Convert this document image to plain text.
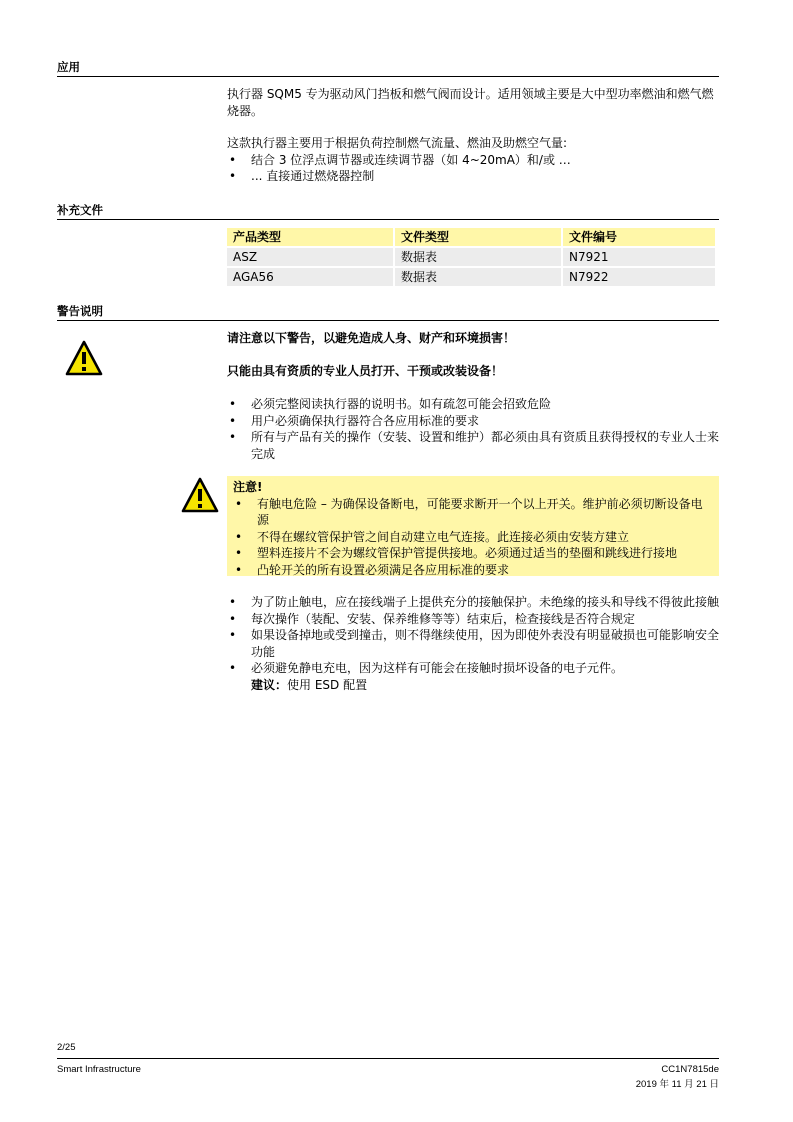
应用

执行器 SQM5 专为驱动风门挡板和燃气阀而设计。适用领域主要是大中型功率燃油和燃气燃烧器。

这款执行器主要用于根据负荷控制燃气流量、燃油及助燃空气量:

• 结合 3 位浮点调节器或连续调节器（如 4~20mA）和/或 …
• ... 直接通过燃烧器控制
补充文件
产品类型	文件类型	文件编号
ASZ	数据表	N7921
AGA56	数据表	N7922
警告说明

请注意以下警告，以避免造成人身、财产和环境损害！

只能由具有资质的专业人员打开、干预或改装设备！

• 必须完整阅读执行器的说明书。如有疏忽可能会招致危险
• 用户必须确保执行器符合各应用标准的要求
• 所有与产品有关的操作（安装、设置和维护）都必须由具有资质且获得授权的专业人士来完成

注意!

• 有触电危险 – 为确保设备断电，可能要求断开一个以上开关。维护前必须切断设备电源
• 不得在螺纹管保护管之间自动建立电气连接。此连接必须由安装方建立
• 塑料连接片不会为螺纹管保护管提供接地。必须通过适当的垫圈和跳线进行接地
• 凸轮开关的所有设置必须满足各应用标准的要求
• 为了防止触电，应在接线端子上提供充分的接触保护。未绝缘的接头和导线不得彼此接触
• 每次操作（装配、安装、保养维修等等）结束后，检查接线是否符合规定
• 如果设备掉地或受到撞击，则不得继续使用，因为即使外表没有明显破损也可能影响安全功能
• 必须避免静电充电，因为这样有可能会在接触时损坏设备的电子元件。
建议：使用 ESD 配置
2/25
Smart Infrastructure	CC1N7815de
2019 年 11 月 21 日
